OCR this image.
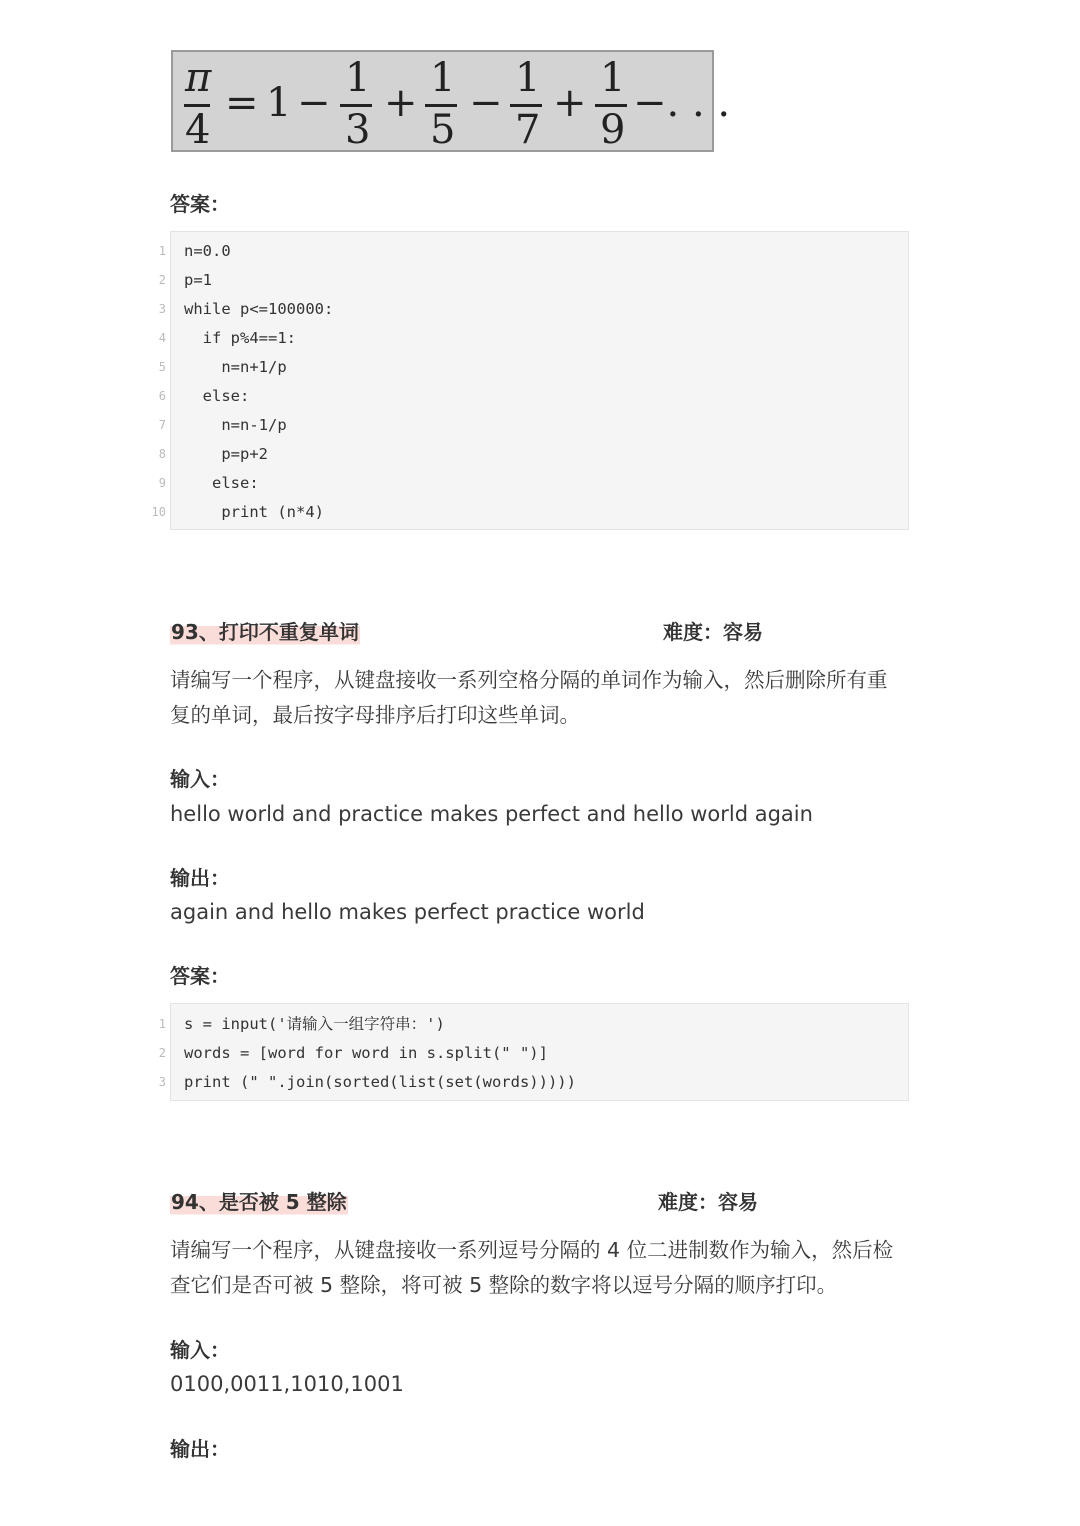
π
4
= 1 −
1
3
+
1
5
−
1
7
+
1
9
−. . .
答案：
1 n=0.0
2 p=1
3 while p<=100000:
4 if p%4==1:
5 n=n+1/p
6 else:
7 n=n-1/p
8 p=p+2
9 else:
10 print (n*4)
93、打印不重复单词	难度：容易
请编写一个程序，从键盘接收一系列空格分隔的单词作为输入，然后删除所有重
复的单词，最后按字母排序后打印这些单词。
输入：
hello world and practice makes perfect and hello world again
输出：
again and hello makes perfect practice world
答案：
1 s = input('请输入一组字符串：')
2 words = [word for word in s.split(" ")]
3 print (" ".join(sorted(list(set(words)))))
94、是否被 5 整除	难度：容易
请编写一个程序，从键盘接收一系列逗号分隔的 4 位二进制数作为输入，然后检
查它们是否可被 5 整除，将可被 5 整除的数字将以逗号分隔的顺序打印。
输入：
0100,0011,1010,1001
输出：
